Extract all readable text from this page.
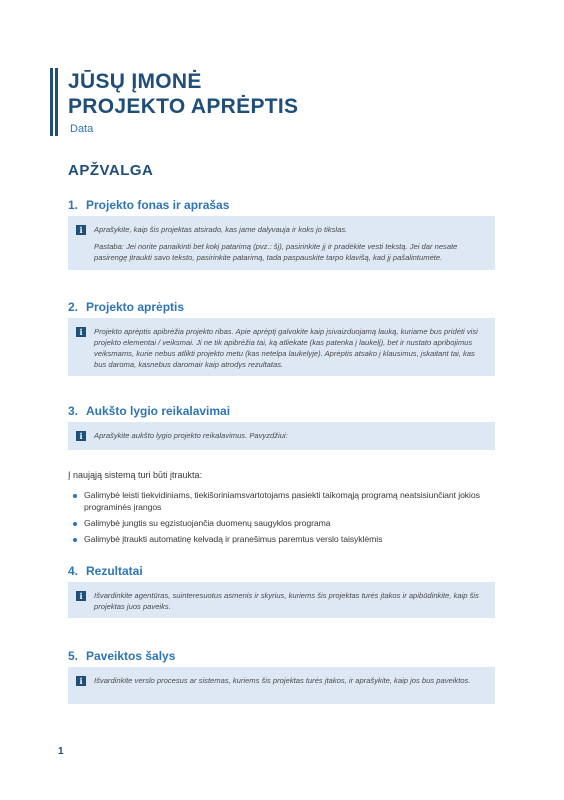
JŪSŲ ĮMONĖ
PROJEKTO APRĖPTIS
Data
APŽVALGA
1. Projekto fonas ir aprašas
i	Aprašykite, kaip šis projektas atsirado, kas jame dalyvauja ir koks jo tikslas.

Pastaba: Jei norite panaikinti bet kokį patarimą (pvz.: šį), pasirinkite jį ir pradėkite vesti tekstą. Jei dar nesate pasirengę įtraukti savo teksto, pasirinkite patarimą, tada paspauskite tarpo klavišą, kad jį pašalintumėte.

2. Projekto aprėptis
i	Projekto aprėptis apibrėžia projekto ribas. Apie aprėptį galvokite kaip įsivaizduojamą lauką, kuriame bus pridėti visi projekto elementai / veiksmai. Ji ne tik apibrėžia tai, ką atliekate (kas patenka į laukelį), bet ir nustato apribojimus veiksmams, kurie nebus atlikti projekto metu (kas netelpa laukelyje). Aprėptis atsako į klausimus, įskaitant tai, kas bus daroma, kasnebus daromair kaip atrodys rezultatas.

3. Aukšto lygio reikalavimai
i	Aprašykite aukšto lygio projekto reikalavimus. Pavyzdžiui:

Į naująją sistemą turi būti įtraukta:

Galimybė leisti tiekvidiniams, tiekišoriniamsvartotojams pasiekti taikomąją programą neatsisiunčiant jokios programinės įrangos
Galimybė jungtis su egzistuojančia duomenų saugyklos programa
Galimybė įtraukti automatinę kelvadą ir pranešimus paremtus verslo taisyklėmis
4. Rezultatai
i	Išvardinkite agentūras, suinteresuotus asmenis ir skyrius, kuriems šis projektas turės įtakos ir apibūdinkite, kaip šis projektas juos paveiks.

5. Paveiktos šalys
i	Išvardinkite verslo procesus ar sistemas, kuriems šis projektas turės įtakos, ir aprašykite, kaip jos bus paveiktos.

1
